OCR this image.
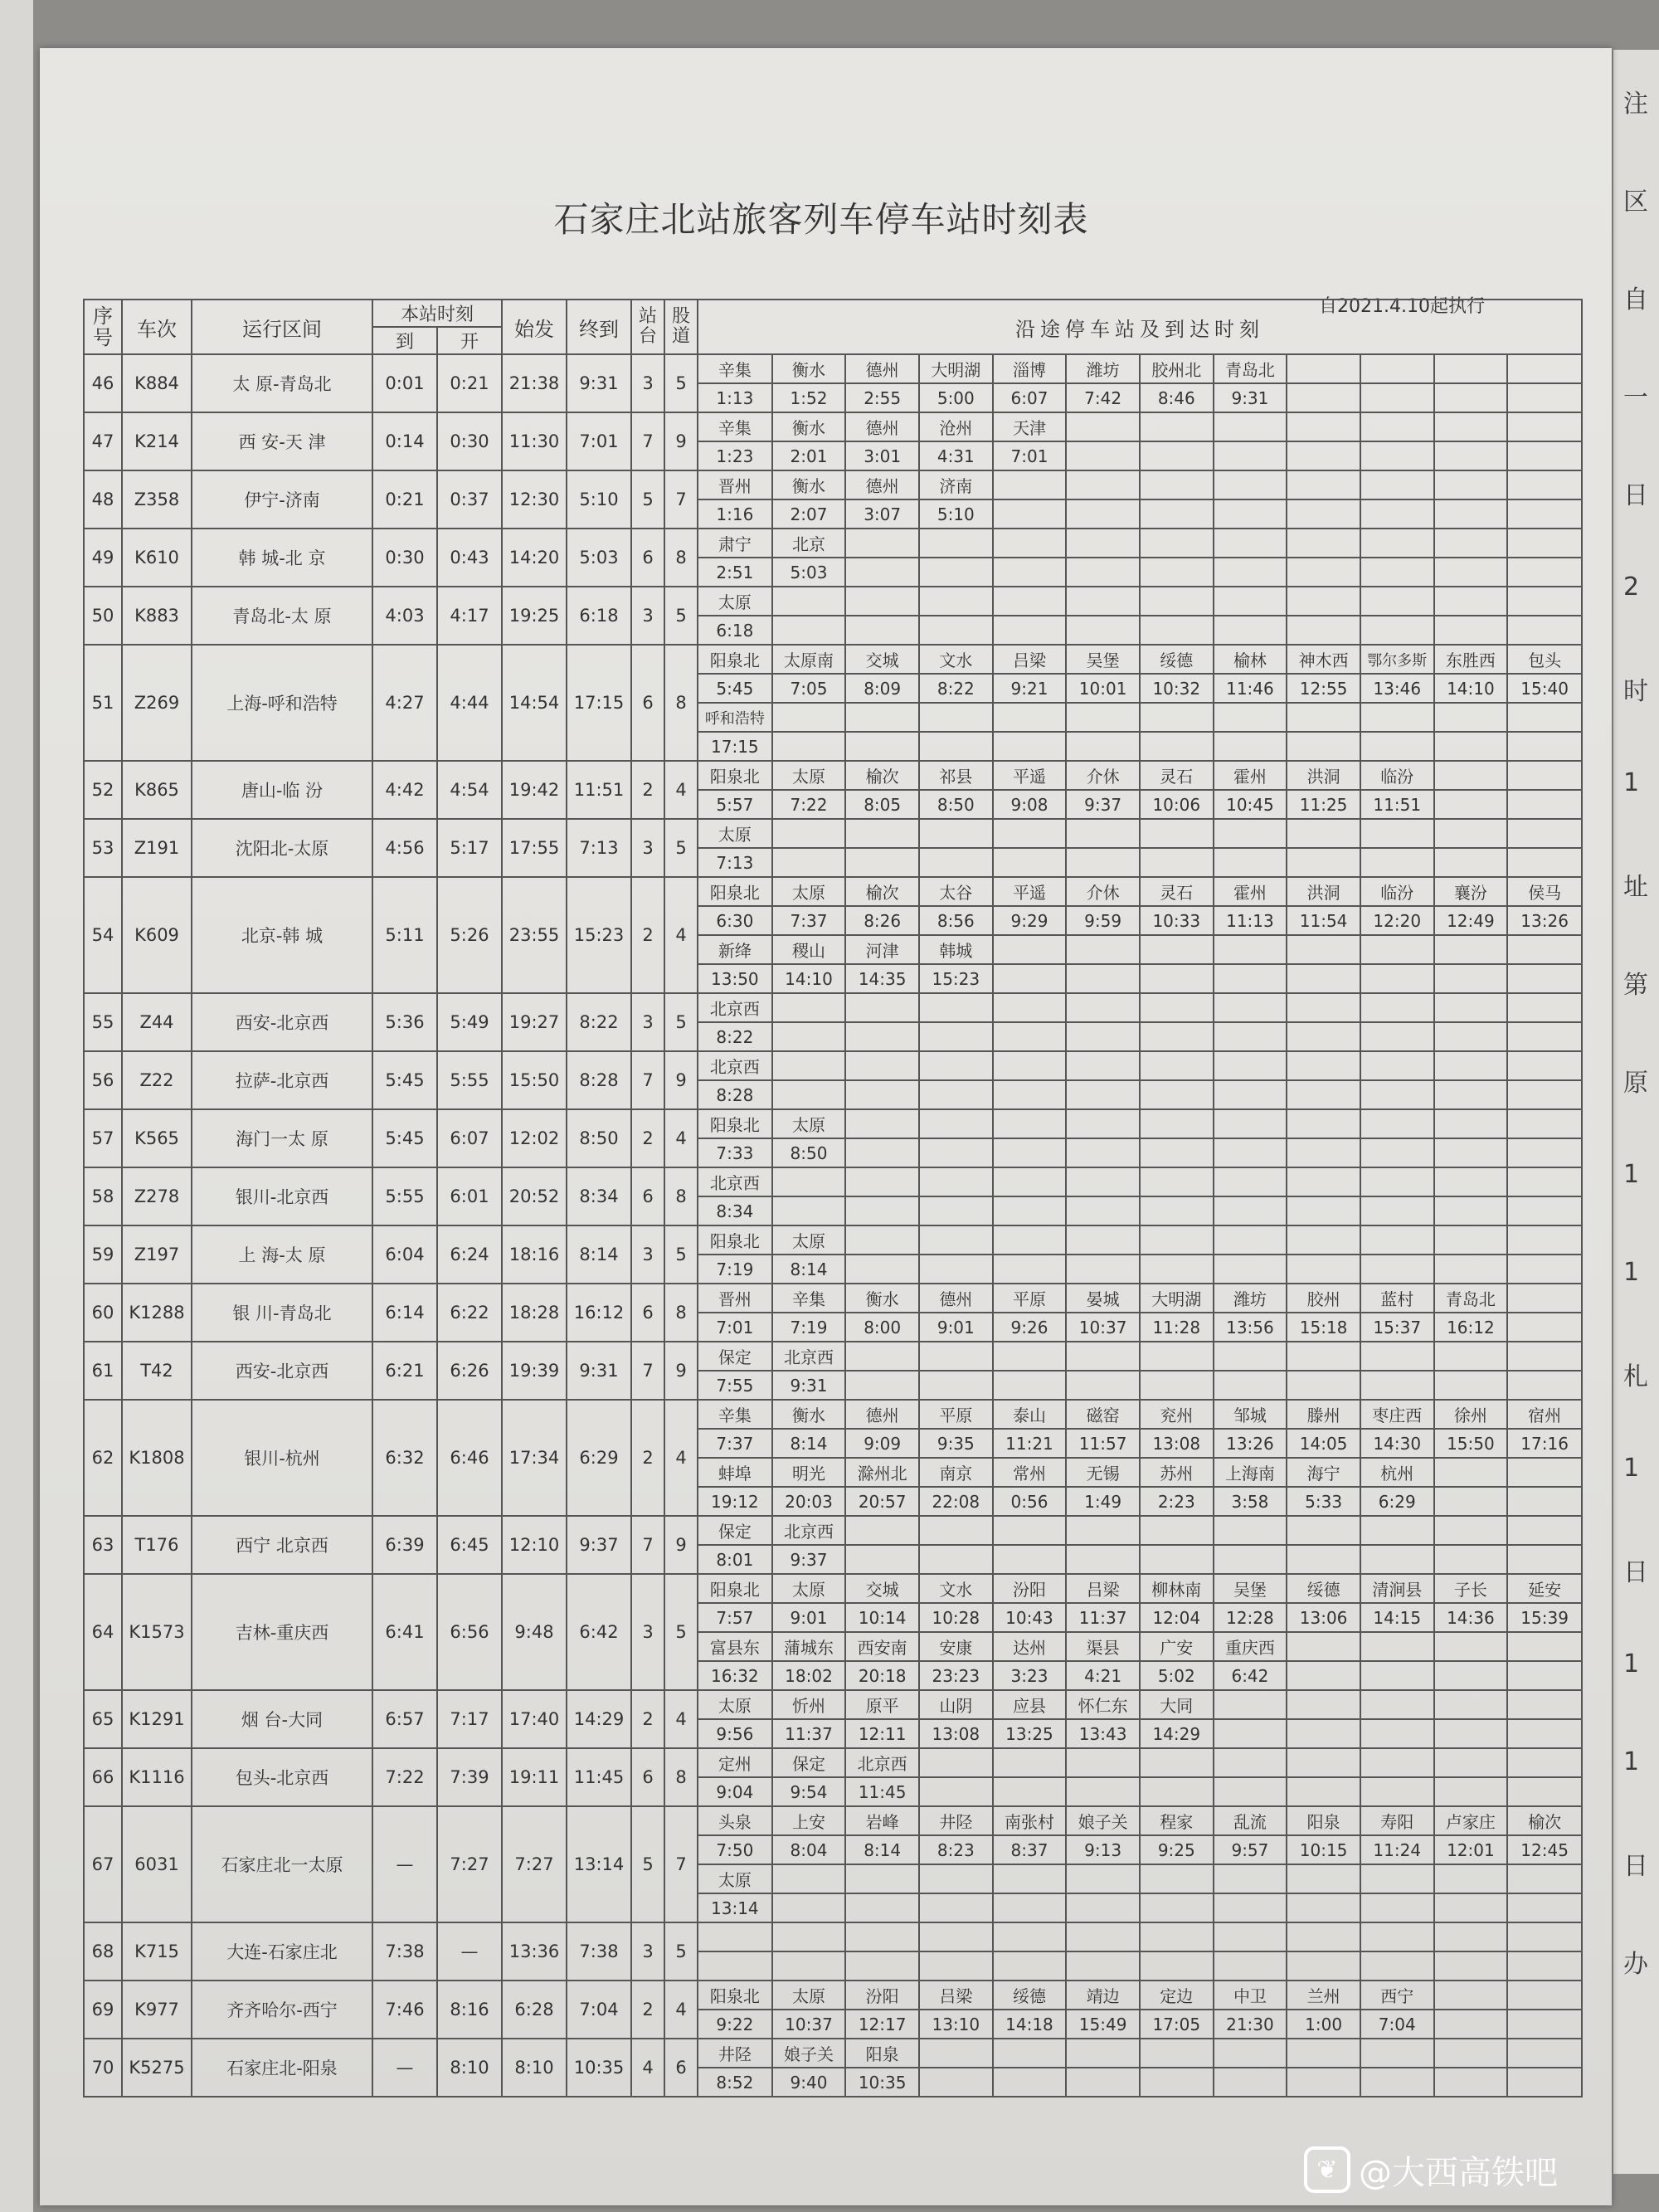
注
区
自
一
日
2
时
1
址
第
原
1
1
札
1
日
1
1
日
办
石家庄北站旅客列车停车站时刻表
自2021.4.10起执行
序号	车次	运行区间	本站时刻	始发	终到	站台	股道	沿途停车站及到达时刻
到	开
46	K884	太 原-青岛北	0:01	0:21	21:38	9:31	3	5	
辛集	衡水	德州	大明湖	淄博	潍坊	胶州北	青岛北				
1:13	1:52	2:55	5:00	6:07	7:42	8:46	9:31				

47	K214	西 安-天 津	0:14	0:30	11:30	7:01	7	9	
辛集	衡水	德州	沧州	天津							
1:23	2:01	3:01	4:31	7:01							

48	Z358	伊宁-济南	0:21	0:37	12:30	5:10	5	7	
晋州	衡水	德州	济南								
1:16	2:07	3:07	5:10								

49	K610	韩 城-北 京	0:30	0:43	14:20	5:03	6	8	
肃宁	北京										
2:51	5:03										

50	K883	青岛北-太 原	4:03	4:17	19:25	6:18	3	5	
太原											
6:18											

51	Z269	上海-呼和浩特	4:27	4:44	14:54	17:15	6	8	
阳泉北	太原南	交城	文水	吕梁	吴堡	绥德	榆林	神木西	鄂尔多斯	东胜西	包头
5:45	7:05	8:09	8:22	9:21	10:01	10:32	11:46	12:55	13:46	14:10	15:40
呼和浩特											
17:15											

52	K865	唐山-临 汾	4:42	4:54	19:42	11:51	2	4	
阳泉北	太原	榆次	祁县	平遥	介休	灵石	霍州	洪洞	临汾		
5:57	7:22	8:05	8:50	9:08	9:37	10:06	10:45	11:25	11:51		

53	Z191	沈阳北-太原	4:56	5:17	17:55	7:13	3	5	
太原											
7:13											

54	K609	北京-韩 城	5:11	5:26	23:55	15:23	2	4	
阳泉北	太原	榆次	太谷	平遥	介休	灵石	霍州	洪洞	临汾	襄汾	侯马
6:30	7:37	8:26	8:56	9:29	9:59	10:33	11:13	11:54	12:20	12:49	13:26
新绛	稷山	河津	韩城								
13:50	14:10	14:35	15:23								

55	Z44	西安-北京西	5:36	5:49	19:27	8:22	3	5	
北京西											
8:22											

56	Z22	拉萨-北京西	5:45	5:55	15:50	8:28	7	9	
北京西											
8:28											

57	K565	海门一太 原	5:45	6:07	12:02	8:50	2	4	
阳泉北	太原										
7:33	8:50										

58	Z278	银川-北京西	5:55	6:01	20:52	8:34	6	8	
北京西											
8:34											

59	Z197	上 海-太 原	6:04	6:24	18:16	8:14	3	5	
阳泉北	太原										
7:19	8:14										

60	K1288	银 川-青岛北	6:14	6:22	18:28	16:12	6	8	
晋州	辛集	衡水	德州	平原	晏城	大明湖	潍坊	胶州	蓝村	青岛北	
7:01	7:19	8:00	9:01	9:26	10:37	11:28	13:56	15:18	15:37	16:12	

61	T42	西安-北京西	6:21	6:26	19:39	9:31	7	9	
保定	北京西										
7:55	9:31										

62	K1808	银川-杭州	6:32	6:46	17:34	6:29	2	4	
辛集	衡水	德州	平原	泰山	磁窑	兖州	邹城	滕州	枣庄西	徐州	宿州
7:37	8:14	9:09	9:35	11:21	11:57	13:08	13:26	14:05	14:30	15:50	17:16
蚌埠	明光	滁州北	南京	常州	无锡	苏州	上海南	海宁	杭州		
19:12	20:03	20:57	22:08	0:56	1:49	2:23	3:58	5:33	6:29		

63	T176	西宁 北京西	6:39	6:45	12:10	9:37	7	9	
保定	北京西										
8:01	9:37										

64	K1573	吉林-重庆西	6:41	6:56	9:48	6:42	3	5	
阳泉北	太原	交城	文水	汾阳	吕梁	柳林南	吴堡	绥德	清涧县	子长	延安
7:57	9:01	10:14	10:28	10:43	11:37	12:04	12:28	13:06	14:15	14:36	15:39
富县东	蒲城东	西安南	安康	达州	渠县	广安	重庆西				
16:32	18:02	20:18	23:23	3:23	4:21	5:02	6:42				

65	K1291	烟 台-大同	6:57	7:17	17:40	14:29	2	4	
太原	忻州	原平	山阴	应县	怀仁东	大同					
9:56	11:37	12:11	13:08	13:25	13:43	14:29					

66	K1116	包头-北京西	7:22	7:39	19:11	11:45	6	8	
定州	保定	北京西									
9:04	9:54	11:45									

67	6031	石家庄北一太原	—	7:27	7:27	13:14	5	7	
头泉	上安	岩峰	井陉	南张村	娘子关	程家	乱流	阳泉	寿阳	卢家庄	榆次
7:50	8:04	8:14	8:23	8:37	9:13	9:25	9:57	10:15	11:24	12:01	12:45
太原											
13:14											

68	K715	大连-石家庄北	7:38	—	13:36	7:38	3	5	

69	K977	齐齐哈尔-西宁	7:46	8:16	6:28	7:04	2	4	
阳泉北	太原	汾阳	吕梁	绥德	靖边	定边	中卫	兰州	西宁		
9:22	10:37	12:17	13:10	14:18	15:49	17:05	21:30	1:00	7:04		

70	K5275	石家庄北-阳泉	—	8:10	8:10	10:35	4	6	
井陉	娘子关	阳泉									
8:52	9:40	10:35									
❦ @大西高铁吧
